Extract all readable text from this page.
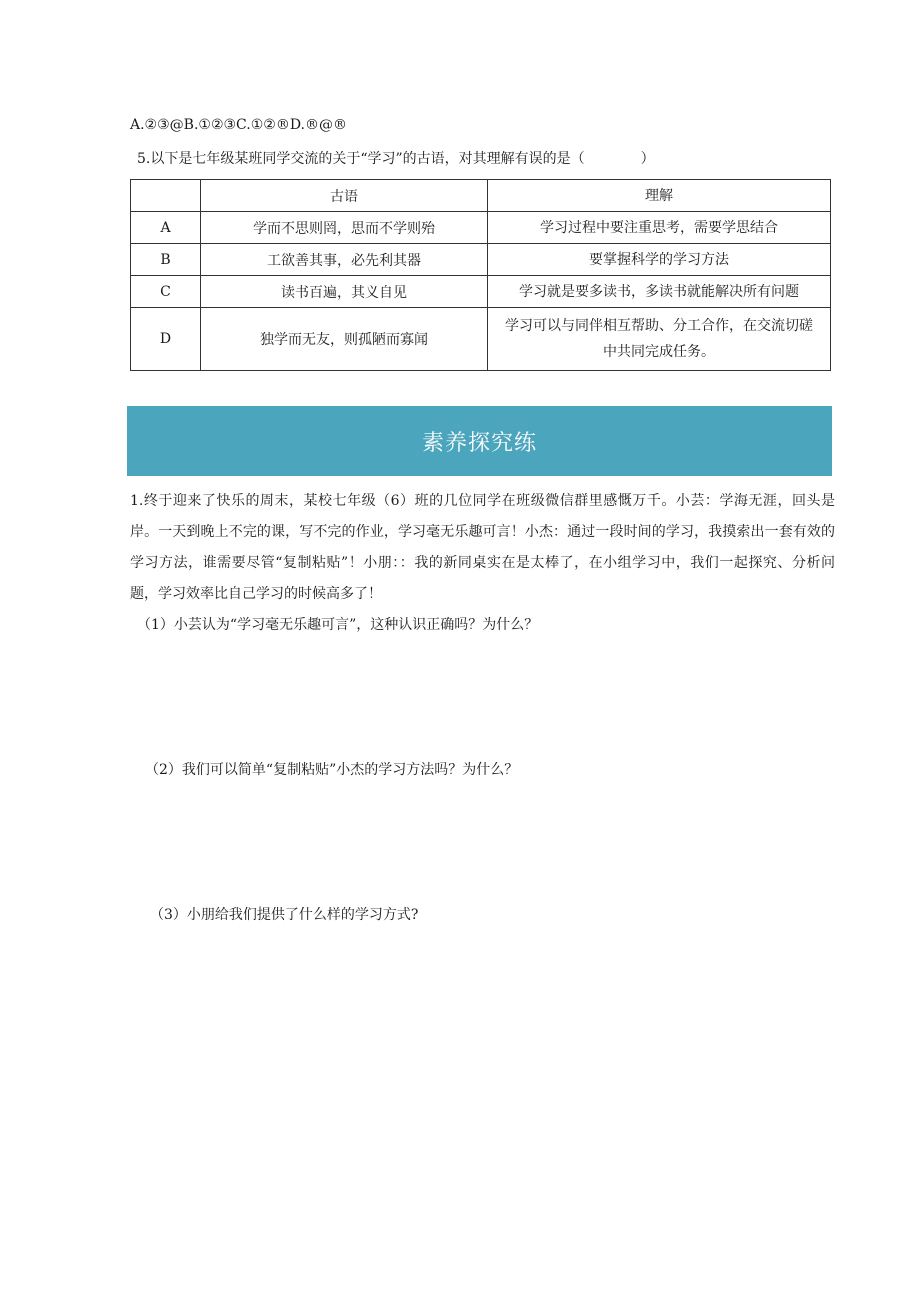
A.②③@B.①②③C.①②®D.®@®
5.以下是七年级某班同学交流的关于“学习”的古语，对其理解有误的是（　　　　）
	古语	理解
A	学而不思则罔，思而不学则殆	学习过程中要注重思考，需要学思结合
B	工欲善其事，必先利其器	要掌握科学的学习方法
C	读书百遍，其义自见	学习就是要多读书，多读书就能解决所有问题
D	独学而无友，则孤陋而寡闻	学习可以与同伴相互帮助、分工合作，在交流切磋
中共同完成任务。
素养探究练
1.终于迎来了快乐的周末，某校七年级（6）班的几位同学在班级微信群里感慨万千。小芸：学海无涯，回头是岸。一天到晚上不完的课，写不完的作业，学习毫无乐趣可言！小杰：通过一段时间的学习，我摸索出一套有效的学习方法，谁需要尽管“复制粘贴”！小朋：：我的新同桌实在是太棒了，在小组学习中，我们一起探究、分析问题，学习效率比自己学习的时候高多了！
（1）小芸认为“学习毫无乐趣可言”，这种认识正确吗？为什么？
（2）我们可以简单“复制粘贴”小杰的学习方法吗？为什么？
（3）小朋给我们提供了什么样的学习方式?
